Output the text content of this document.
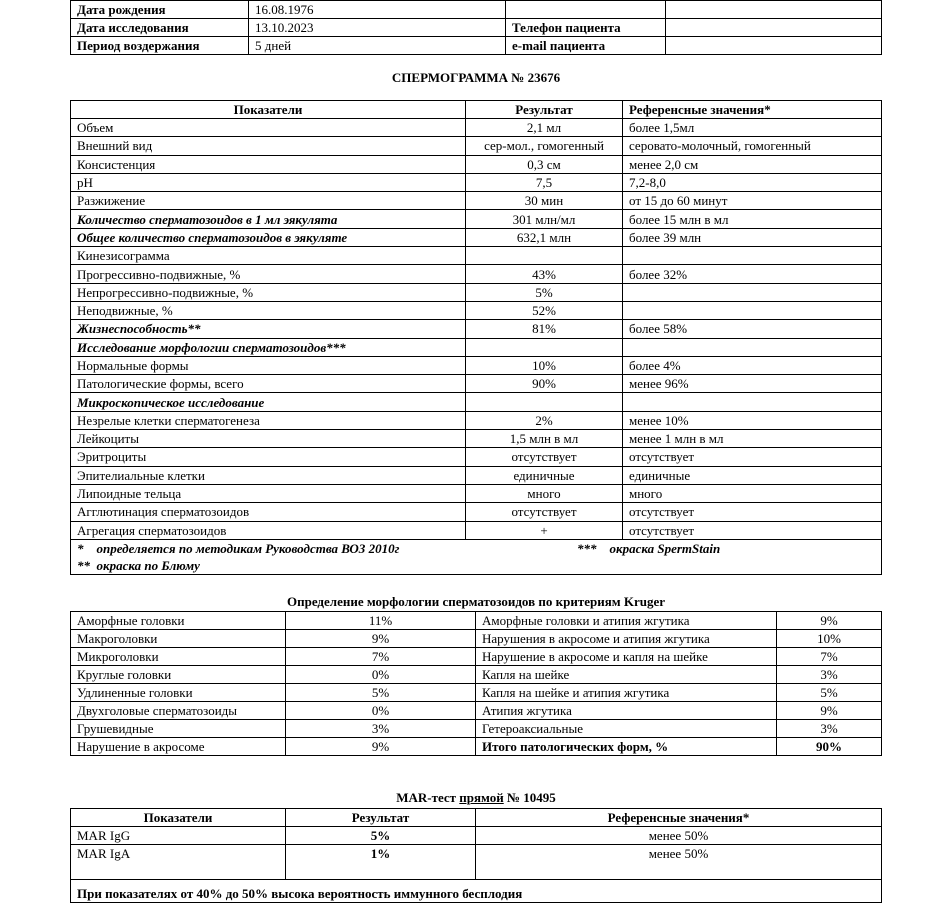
Дата рождения	16.08.1976		
Дата исследования	13.10.2023	Телефон пациента	
Период воздержания	5 дней	e-mail пациента	
СПЕРМОГРАММА № 23676
Показатели	Результат	Референсные значения*
Объем	2,1 мл	более 1,5мл
Внешний вид	сер-мол., гомогенный	серовато-молочный, гомогенный
Консистенция	0,3 см	менее 2,0 см
pH	7,5	7,2-8,0
Разжижение	30 мин	от 15 до 60 минут
Количество сперматозоидов в 1 мл эякулята	301 млн/мл	более 15 млн в мл
Общее количество сперматозоидов в эякуляте	632,1 млн	более 39 млн
Кинезисограмма		
Прогрессивно-подвижные, %	43%	более 32%
Непрогрессивно-подвижные, %	5%	
Неподвижные, %	52%	
Жизнеспособность**	81%	более 58%
Исследование морфологии сперматозоидов***		
Нормальные формы	10%	более 4%
Патологические формы, всего	90%	менее 96%
Микроскопическое исследование		
Незрелые клетки сперматогенеза	2%	менее 10%
Лейкоциты	1,5 млн в мл	менее 1 млн в мл
Эритроциты	отсутствует	отсутствует
Эпителиальные клетки	единичные	единичные
Липоидные тельца	много	много
Агглютинация сперматозоидов	отсутствует	отсутствует
Агрегация сперматозоидов	+	отсутствует
*    определяется по методикам Руководства ВОЗ 2010г ***    окраска SpermStain		
**  окраска по Блюму		
Определение морфологии сперматозоидов по критериям Kruger
Аморфные головки	11%	Аморфные головки и атипия жгутика	9%
Макроголовки	9%	Нарушения в акросоме и атипия жгутика	10%
Микроголовки	7%	Нарушение в акросоме и капля на шейке	7%
Круглые головки	0%	Капля на шейке	3%
Удлиненные головки	5%	Капля на шейке и атипия жгутика	5%
Двухголовые сперматозоиды	0%	Атипия жгутика	9%
Грушевидные	3%	Гетероаксиальные	3%
Нарушение в акросоме	9%	Итого патологических форм, %	90%
MAR-тест прямой № 10495
Показатели	Результат	Референсные значения*
MAR IgG	5%	менее 50%
MAR IgA	1%	менее 50%
При показателях от 40% до 50% высока вероятность иммунного бесплодия		
